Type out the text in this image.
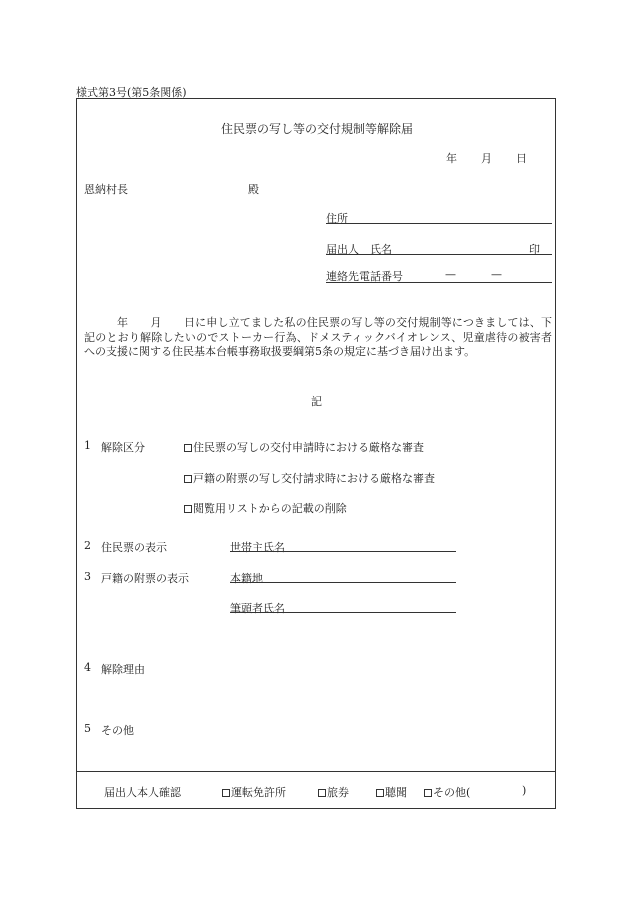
様式第3号(第5条関係)
住民票の写し等の交付規制等解除届
年 月 日
恩納村長	殿
住所
届出人　氏名	印
連絡先電話番号	—	—
年　　月　　日に申し立てました私の住民票の写し等の交付規制等につきましては、下記のとおり解除したいのでストーカー行為、ドメスティックバイオレンス、児童虐待の被害者への支援に関する住民基本台帳事務取扱要綱第5条の規定に基づき届け出ます。
記
1 解除区分	住民票の写しの交付申請時における厳格な審査
戸籍の附票の写し交付請求時における厳格な審査
閲覧用リストからの記載の削除
2 住民票の表示	世帯主氏名
3 戸籍の附票の表示	本籍地
筆頭者氏名
4 解除理由
5 その他
届出人本人確認	運転免許所	旅券	聴聞	その他(	)
